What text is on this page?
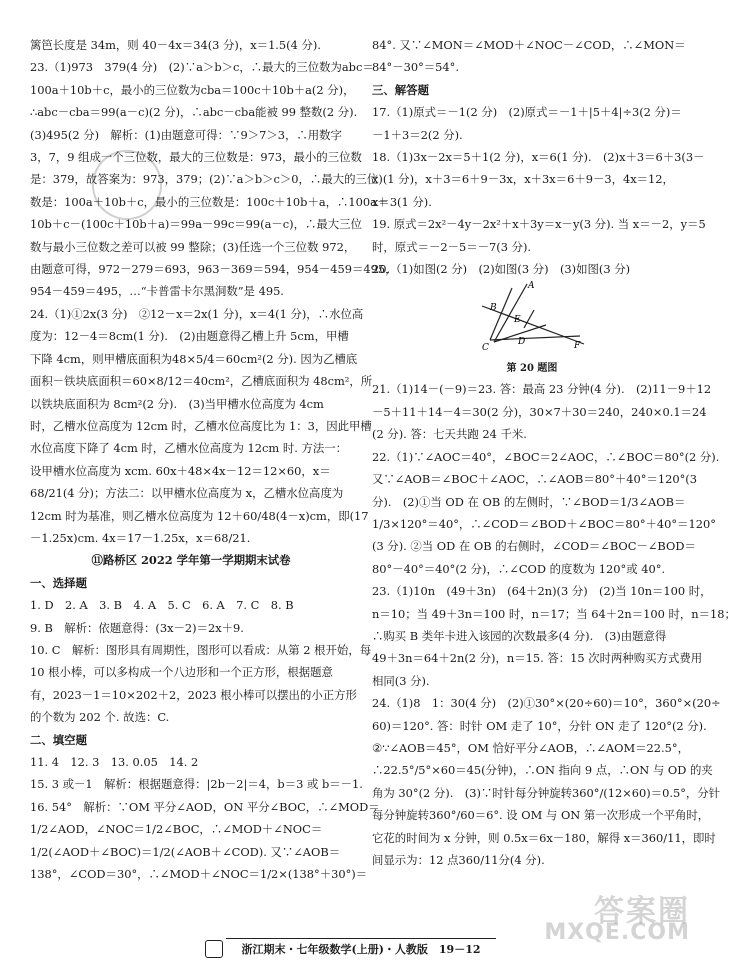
篱笆长度是 34m，则 40－4x＝34(3 分)，x＝1.5(4 分).
23.（1)973　379(4 分)　(2)∵a＞b＞c，∴最大的三位数为abc＝
100a＋10b＋c，最小的三位数为cba＝100c＋10b＋a(2 分)，
∴abc－cba＝99(a－c)(2 分)，∴abc－cba能被 99 整数(2 分).
(3)495(2 分)　解析：(1)由题意可得：∵9＞7＞3，∴用数字
3，7，9 组成一个三位数，最大的三位数是：973，最小的三位数
是：379，故答案为：973，379；(2)∵a＞b＞c＞0，∴最大的三位
数是：100a＋10b＋c，最小的三位数是：100c＋10b＋a，∴100a＋
10b＋c－(100c＋10b＋a)＝99a－99c＝99(a－c)，∴最大三位
数与最小三位数之差可以被 99 整除；(3)任选一个三位数 972，
由题意可得，972－279＝693，963－369＝594，954－459＝495，
954－459＝495，…“卡普雷卡尔黑洞数”是 495.
24.（1)①2x(3 分)　②12－x＝2x(1 分)，x＝4(1 分)，∴水位高
度为：12－4＝8cm(1 分).　(2)由题意得乙槽上升 5cm，甲槽
下降 4cm，则甲槽底面积为48×5/4＝60cm²(2 分). 因为乙槽底
面积－铁块底面积＝60×8/12＝40cm²，乙槽底面积为 48cm²，所
以铁块底面积为 8cm²(2 分).　(3)当甲槽水位高度为 4cm
时，乙槽水位高度为 12cm 时，乙槽水位高度比为 1：3，因此甲槽
水位高度下降了 4cm 时，乙槽水位高度为 12cm 时. 方法一：
设甲槽水位高度为 xcm. 60x＋48×4x－12＝12×60，x＝
68/21(4 分)；方法二：以甲槽水位高度为 x，乙槽水位高度为
12cm 时为基准，则乙槽水位高度为 12＋60/48(4－x)cm，即(17
－1.25x)cm. 4x＝17－1.25x，x＝68/21.
⑪路桥区 2022 学年第一学期期末试卷
一、选择题
1. D　2. A　3. B　4. A　5. C　6. A　7. C　8. B
9. B　解析：依题意得：(3x－2)＝2x＋9.
10. C　解析：图形具有周期性，图形可以看成：从第 2 根开始，每
10 根小棒，可以多构成一个八边形和一个正方形，根据题意
有，2023－1＝10×202＋2，2023 根小棒可以摆出的小正方形
的个数为 202 个. 故选：C.
二、填空题
11. 4　12. 3　13. 0.05　14. 2
15. 3 或－1　解析：根据题意得：|2b－2|＝4，b＝3 或 b＝－1.
16. 54°　解析：∵OM 平分∠AOD，ON 平分∠BOC，∴∠MOD＝
1/2∠AOD，∠NOC＝1/2∠BOC，∴∠MOD＋∠NOC＝
1/2(∠AOD＋∠BOC)＝1/2(∠AOB＋∠COD). 又∵∠AOB＝
138°，∠COD＝30°，∴∠MOD＋∠NOC＝1/2×(138°＋30°)＝
84°. 又∵∠MON＝∠MOD＋∠NOC－∠COD，∴∠MON＝
84°－30°＝54°.
三、解答题
17.（1)原式＝－1(2 分)　(2)原式＝－1＋|5＋4|÷3(2 分)＝
－1＋3＝2(2 分).
18.（1)3x－2x＝5＋1(2 分)，x＝6(1 分).　(2)x＋3＝6＋3(3－
x)(1 分)，x＋3＝6＋9－3x，x＋3x＝6＋9－3，4x＝12，
x＝3(1 分).
19. 原式＝2x²－4y－2x²＋x＋3y＝x－y(3 分). 当 x＝－2，y＝5
时，原式＝－2－5＝－7(3 分).
20.（1)如图(2 分)　(2)如图(3 分)　(3)如图(3 分)
A
B
E
C
D	F
第 20 题图
21.（1)14－(－9)＝23. 答：最高 23 分钟(4 分).　(2)11－9＋12
－5＋11＋14－4＝30(2 分)，30×7＋30＝240，240×0.1＝24
(2 分). 答：七天共跑 24 千米.
22.（1)∵∠AOC＝40°，∠BOC＝2∠AOC，∴∠BOC＝80°(2 分).
又∵∠AOB＝∠BOC＋∠AOC，∴∠AOB＝80°＋40°＝120°(3
分).　(2)①当 OD 在 OB 的左侧时，∵∠BOD＝1/3∠AOB＝
1/3×120°＝40°，∴∠COD＝∠BOD＋∠BOC＝80°＋40°＝120°
(3 分). ②当 OD 在 OB 的右侧时，∠COD＝∠BOC－∠BOD＝
80°－40°＝40°(2 分)，∴∠COD 的度数为 120°或 40°.
23.（1)10n　(49＋3n)　(64＋2n)(3 分)　(2)当 10n＝100 时，
n＝10；当 49＋3n＝100 时，n＝17；当 64＋2n＝100 时，n＝18；
∴购买 B 类年卡进入该园的次数最多(4 分).　(3)由题意得
49＋3n＝64＋2n(2 分)，n＝15. 答：15 次时两种购买方式费用
相同(3 分).
24.（1)8　1：30(4 分)　(2)①30°×(20÷60)＝10°，360°×(20÷
60)＝120°. 答：时针 OM 走了 10°，分针 ON 走了 120°(2 分).
②∵∠AOB＝45°，OM 恰好平分∠AOB，∴∠AOM＝22.5°，
∴22.5°/5°×60＝45(分钟)，∴ON 指向 9 点，∴ON 与 OD 的夹
角为 30°(2 分).　(3)∵时针每分钟旋转360°/(12×60)＝0.5°，分针
每分钟旋转360°/60＝6°. 设 OM 与 ON 第一次形成一个平角时，
它花的时间为 x 分钟，则 0.5x＝6x－180，解得 x＝360/11，即时
间显示为：12 点360/11分(4 分).
浙江期末・七年级数学(上册)・人教版　19－12
答案圈
MXQE.COM
